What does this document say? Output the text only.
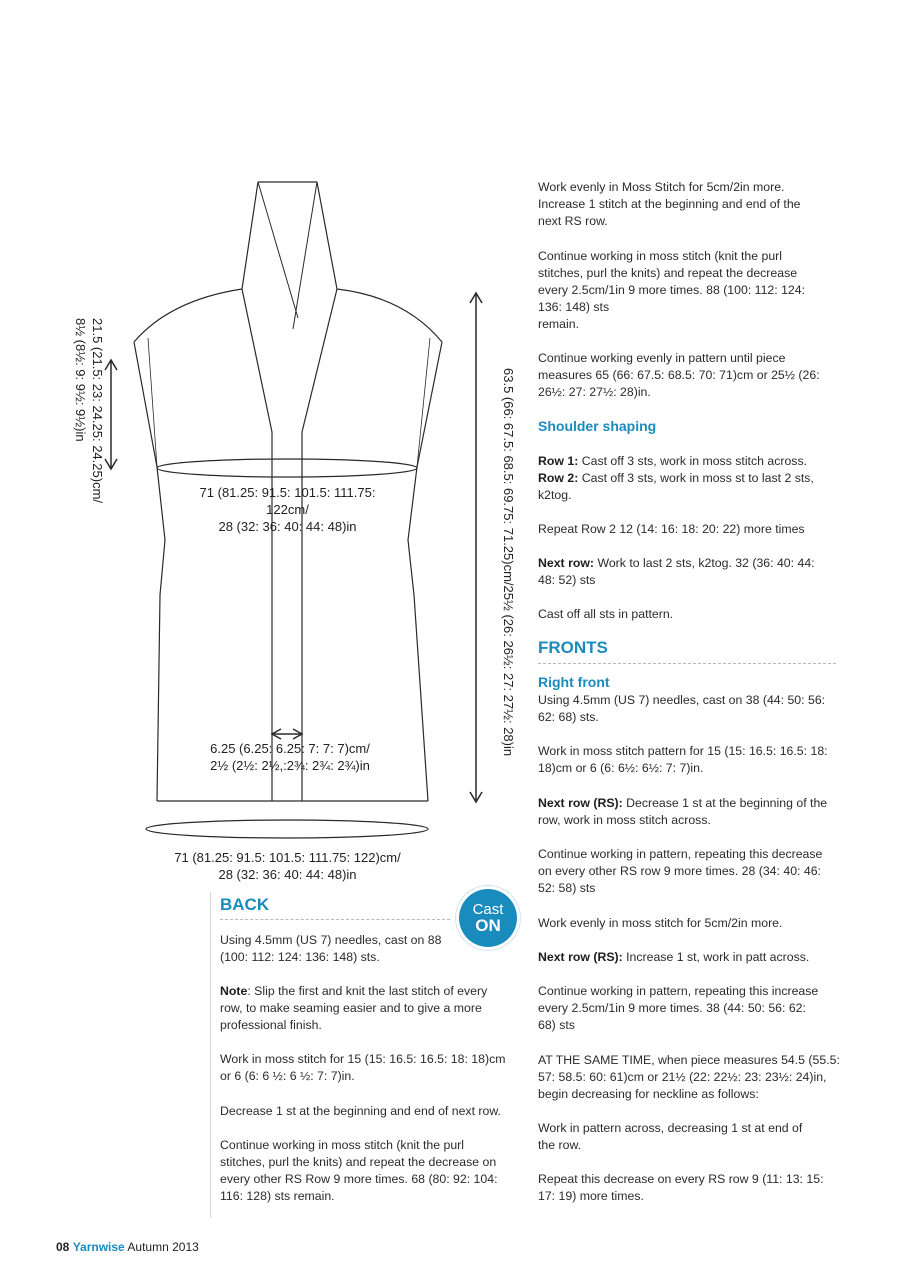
21.5 (21.5: 23: 24.25: 24.25)cm/
8½ (8½: 9: 9½: 9½)in	63.5 (66: 67.5: 68.5: 69.75: 71.25)cm/25½ (26: 26½: 27: 27½: 28)in
71 (81.25: 91.5: 101.5: 111.75:
122cm/
28 (32: 36: 40: 44: 48)in
6.25 (6.25: 6.25: 7: 7: 7)cm/
2½ (2½: 2½,:2¾: 2¾: 2¾)in
71 (81.25: 91.5: 101.5: 111.75: 122)cm/
28 (32: 36: 40: 44: 48)in
BACK	Cast
ON

Using 4.5mm (US 7) needles, cast on 88
(100: 112: 124: 136: 148) sts.

Note: Slip the first and knit the last stitch of every
row, to make seaming easier and to give a more
professional finish.

Work in moss stitch for 15 (15: 16.5: 16.5: 18: 18)cm
or 6 (6: 6 ½: 6 ½: 7: 7)in.

Decrease 1 st at the beginning and end of next row.

Continue working in moss stitch (knit the purl
stitches, purl the knits) and repeat the decrease on
every other RS Row 9 more times. 68 (80: 92: 104:
116: 128) sts remain.

Work evenly in Moss Stitch for 5cm/2in more.
Increase 1 stitch at the beginning and end of the
next RS row.

Continue working in moss stitch (knit the purl
stitches, purl the knits) and repeat the decrease
every 2.5cm/1in 9 more times. 88 (100: 112: 124:
136: 148) sts
remain.

Continue working evenly in pattern until piece
measures 65 (66: 67.5: 68.5: 70: 71)cm or 25½ (26:
26½: 27: 27½: 28)in.

Shoulder shaping

Row 1: Cast off 3 sts, work in moss stitch across.

Row 2: Cast off 3 sts, work in moss st to last 2 sts,
k2tog.

Repeat Row 2 12 (14: 16: 18: 20: 22) more times

Next row: Work to last 2 sts, k2tog. 32 (36: 40: 44:
48: 52) sts

Cast off all sts in pattern.

FRONTS
Right front

Using 4.5mm (US 7) needles, cast on 38 (44: 50: 56:
62: 68) sts.

Work in moss stitch pattern for 15 (15: 16.5: 16.5: 18:
18)cm or 6 (6: 6½: 6½: 7: 7)in.

Next row (RS): Decrease 1 st at the beginning of the
row, work in moss stitch across.

Continue working in pattern, repeating this decrease
on every other RS row 9 more times. 28 (34: 40: 46:
52: 58) sts

Work evenly in moss stitch for 5cm/2in more.

Next row (RS): Increase 1 st, work in patt across.

Continue working in pattern, repeating this increase
every 2.5cm/1in 9 more times. 38 (44: 50: 56: 62:
68) sts

AT THE SAME TIME, when piece measures 54.5 (55.5:
57: 58.5: 60: 61)cm or 21½ (22: 22½: 23: 23½: 24)in,
begin decreasing for neckline as follows:

Work in pattern across, decreasing 1 st at end of
the row.

Repeat this decrease on every RS row 9 (11: 13: 15:
17: 19) more times.

08 Yarnwise Autumn 2013
